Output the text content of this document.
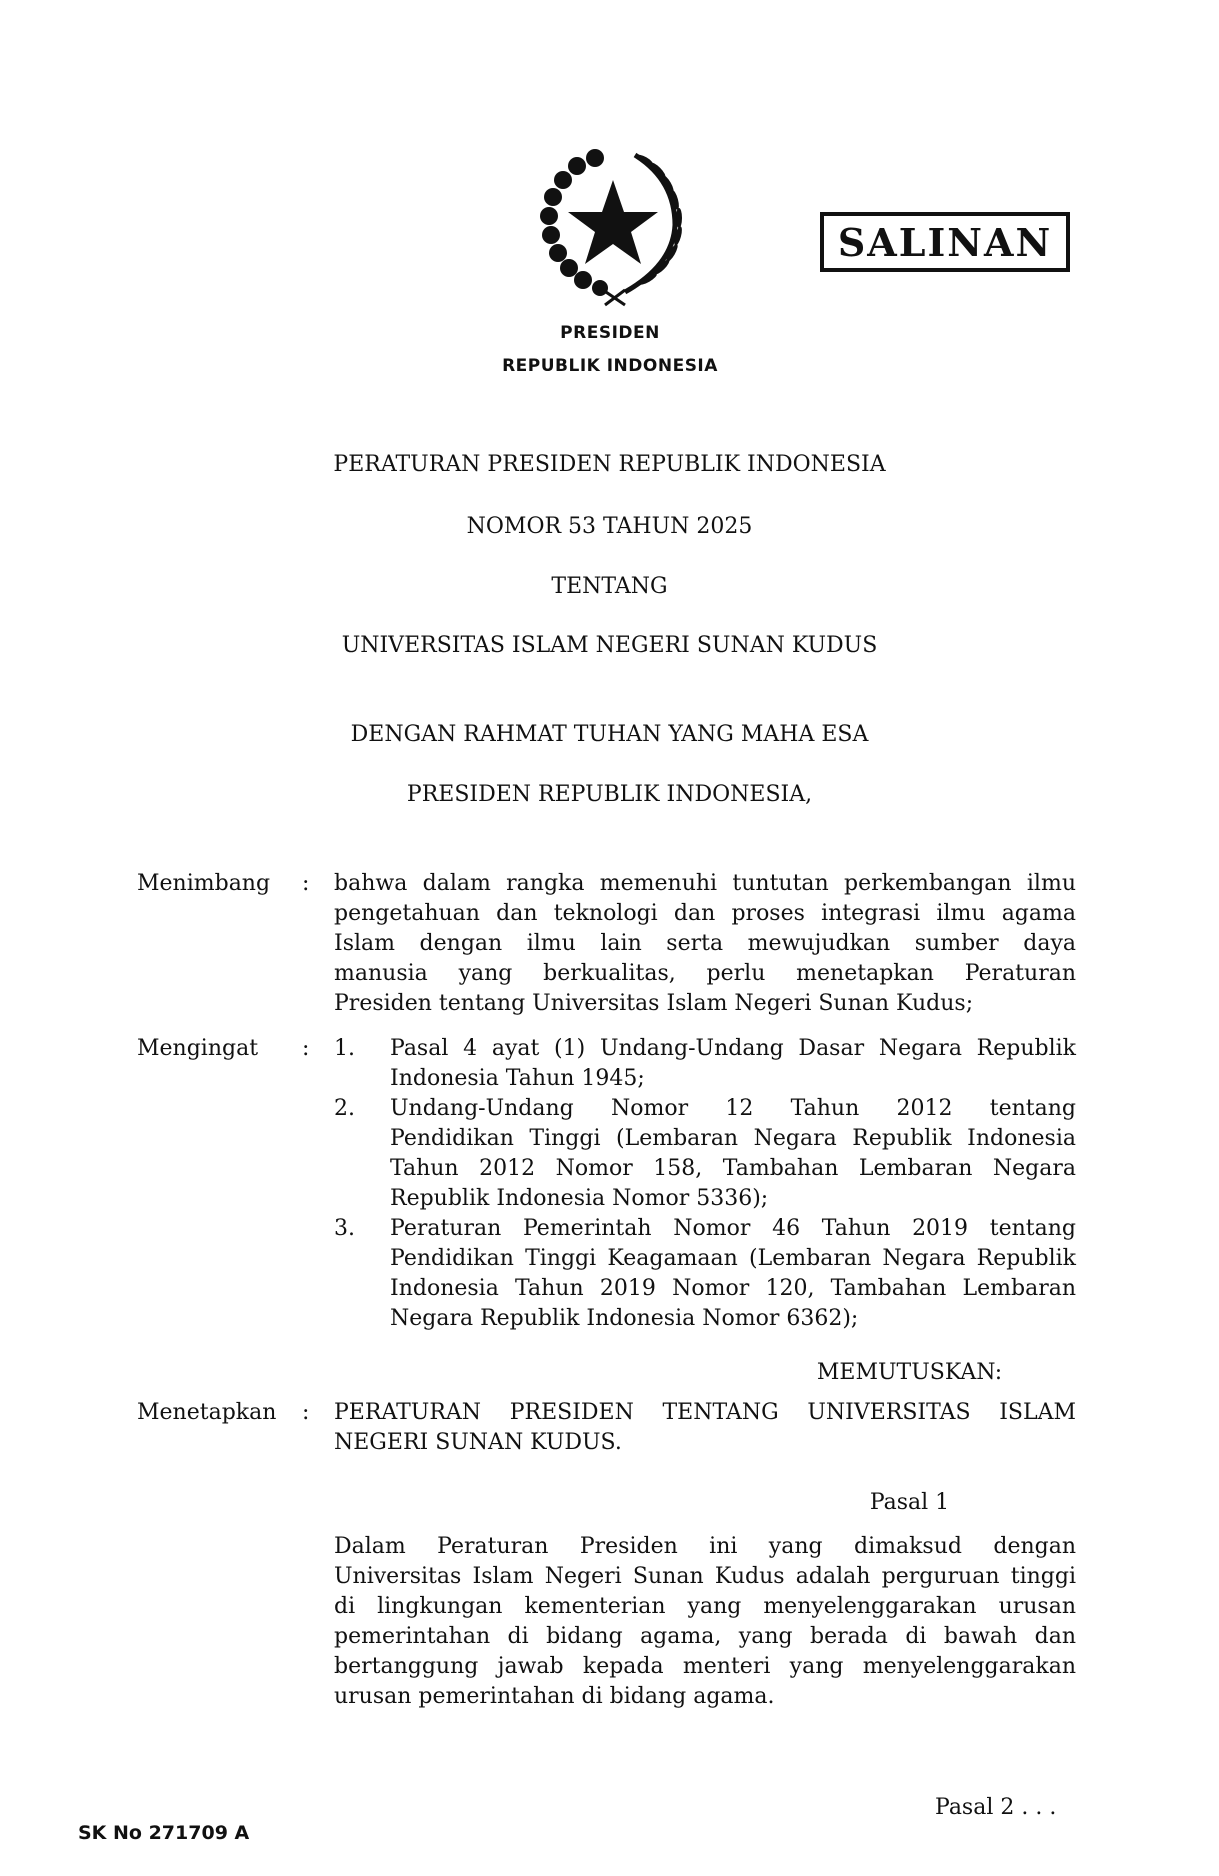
PRESIDEN
REPUBLIK INDONESIA
SALINAN
PERATURAN PRESIDEN REPUBLIK INDONESIA
NOMOR 53 TAHUN 2025
TENTANG
UNIVERSITAS ISLAM NEGERI SUNAN KUDUS
DENGAN RAHMAT TUHAN YANG MAHA ESA
PRESIDEN REPUBLIK INDONESIA,
Menimbang : bahwa dalam rangka memenuhi tuntutan perkembangan ilmu
pengetahuan dan teknologi dan proses integrasi ilmu agama
Islam dengan ilmu lain serta mewujudkan sumber daya
manusia yang berkualitas, perlu menetapkan Peraturan
Presiden tentang Universitas Islam Negeri Sunan Kudus;
Mengingat : 1. Pasal 4 ayat (1) Undang-Undang Dasar Negara Republik
Indonesia Tahun 1945;
2. Undang-Undang Nomor 12 Tahun 2012 tentang
Pendidikan Tinggi (Lembaran Negara Republik Indonesia
Tahun 2012 Nomor 158, Tambahan Lembaran Negara
Republik Indonesia Nomor 5336);
3. Peraturan Pemerintah Nomor 46 Tahun 2019 tentang
Pendidikan Tinggi Keagamaan (Lembaran Negara Republik
Indonesia Tahun 2019 Nomor 120, Tambahan Lembaran
Negara Republik Indonesia Nomor 6362);
MEMUTUSKAN:
Menetapkan : PERATURAN PRESIDEN TENTANG UNIVERSITAS ISLAM
NEGERI SUNAN KUDUS.
Pasal 1
Dalam Peraturan Presiden ini yang dimaksud dengan
Universitas Islam Negeri Sunan Kudus adalah perguruan tinggi
di lingkungan kementerian yang menyelenggarakan urusan
pemerintahan di bidang agama, yang berada di bawah dan
bertanggung jawab kepada menteri yang menyelenggarakan
urusan pemerintahan di bidang agama.
SK No 271709 A
Pasal 2 . . .
